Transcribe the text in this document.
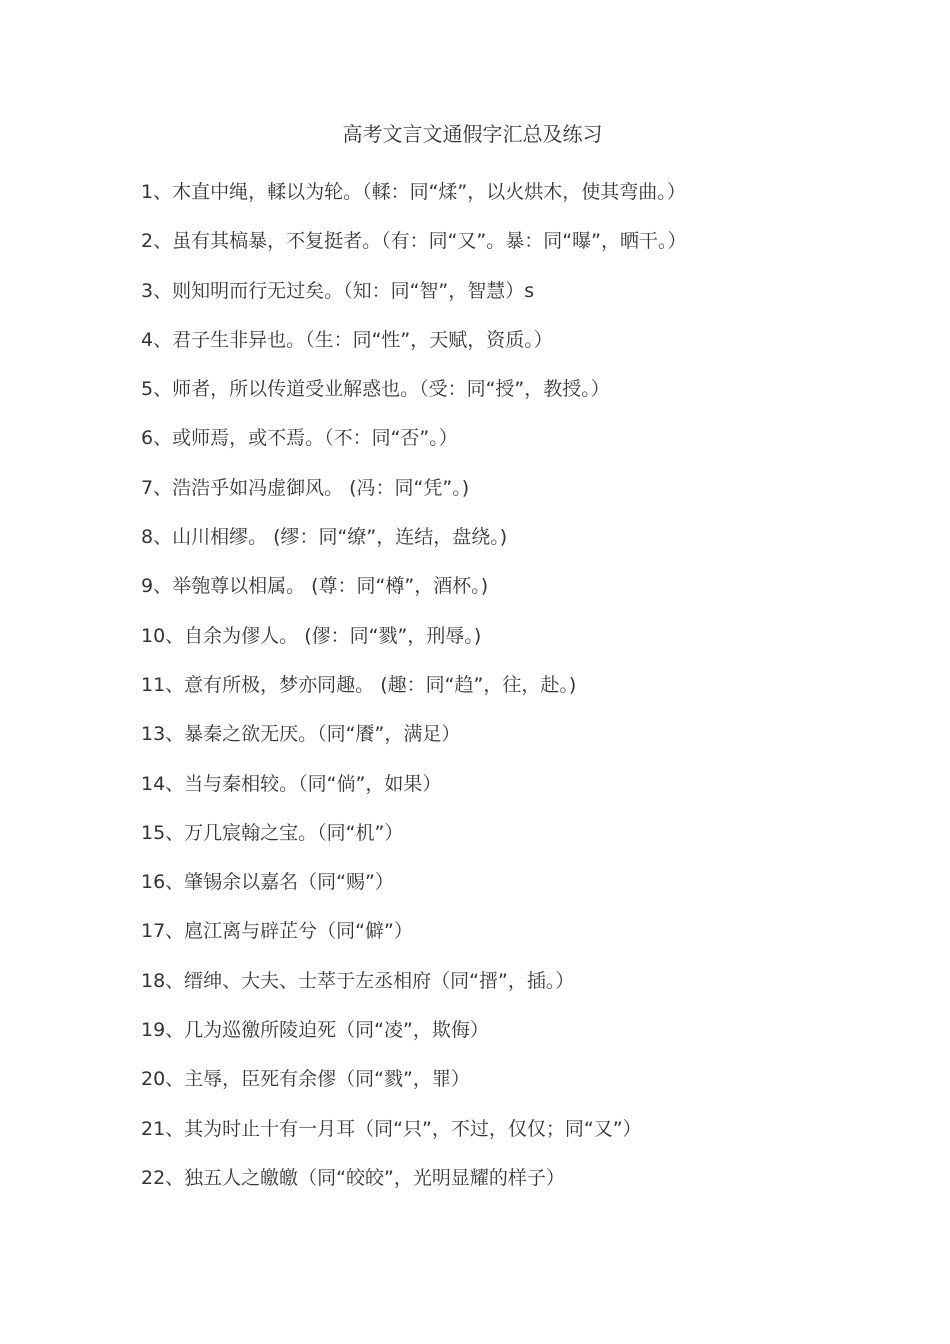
高考文言文通假字汇总及练习
1、木直中绳，輮以为轮。（輮：同“煣”，以火烘木，使其弯曲。）
2、虽有其槁暴，不复挺者。（有：同“又”。暴：同“曝”，晒干。）
3、则知明而行无过矣。（知：同“智”，智慧）s
4、君子生非异也。（生：同“性”，天赋，资质。）
5、师者，所以传道受业解惑也。（受：同“授”，教授。）
6、或师焉，或不焉。（不：同“否”。）
7、浩浩乎如冯虚御风。 (冯：同“凭”。)
8、山川相缪。 (缪：同“缭”，连结，盘绕。)
9、举匏尊以相属。 (尊：同“樽”，酒杯。)
10、自余为僇人。 (僇：同“戮”，刑辱。)
11、意有所极，梦亦同趣。 (趣：同“趋”，往，赴。)
13、暴秦之欲无厌。（同“餍”，满足）
14、当与秦相较。（同“倘”，如果）
15、万几宸翰之宝。（同“机”）
16、肇锡余以嘉名（同“赐”）
17、扈江离与辟芷兮（同“僻”）
18、缙绅、大夫、士萃于左丞相府（同“搢”，插。）
19、几为巡徼所陵迫死（同“凌”，欺侮）
20、主辱，臣死有余僇（同“戮”，罪）
21、其为时止十有一月耳（同“只”，不过，仅仅；同“又”）
22、独五人之皦皦（同“皎皎”，光明显耀的样子）
